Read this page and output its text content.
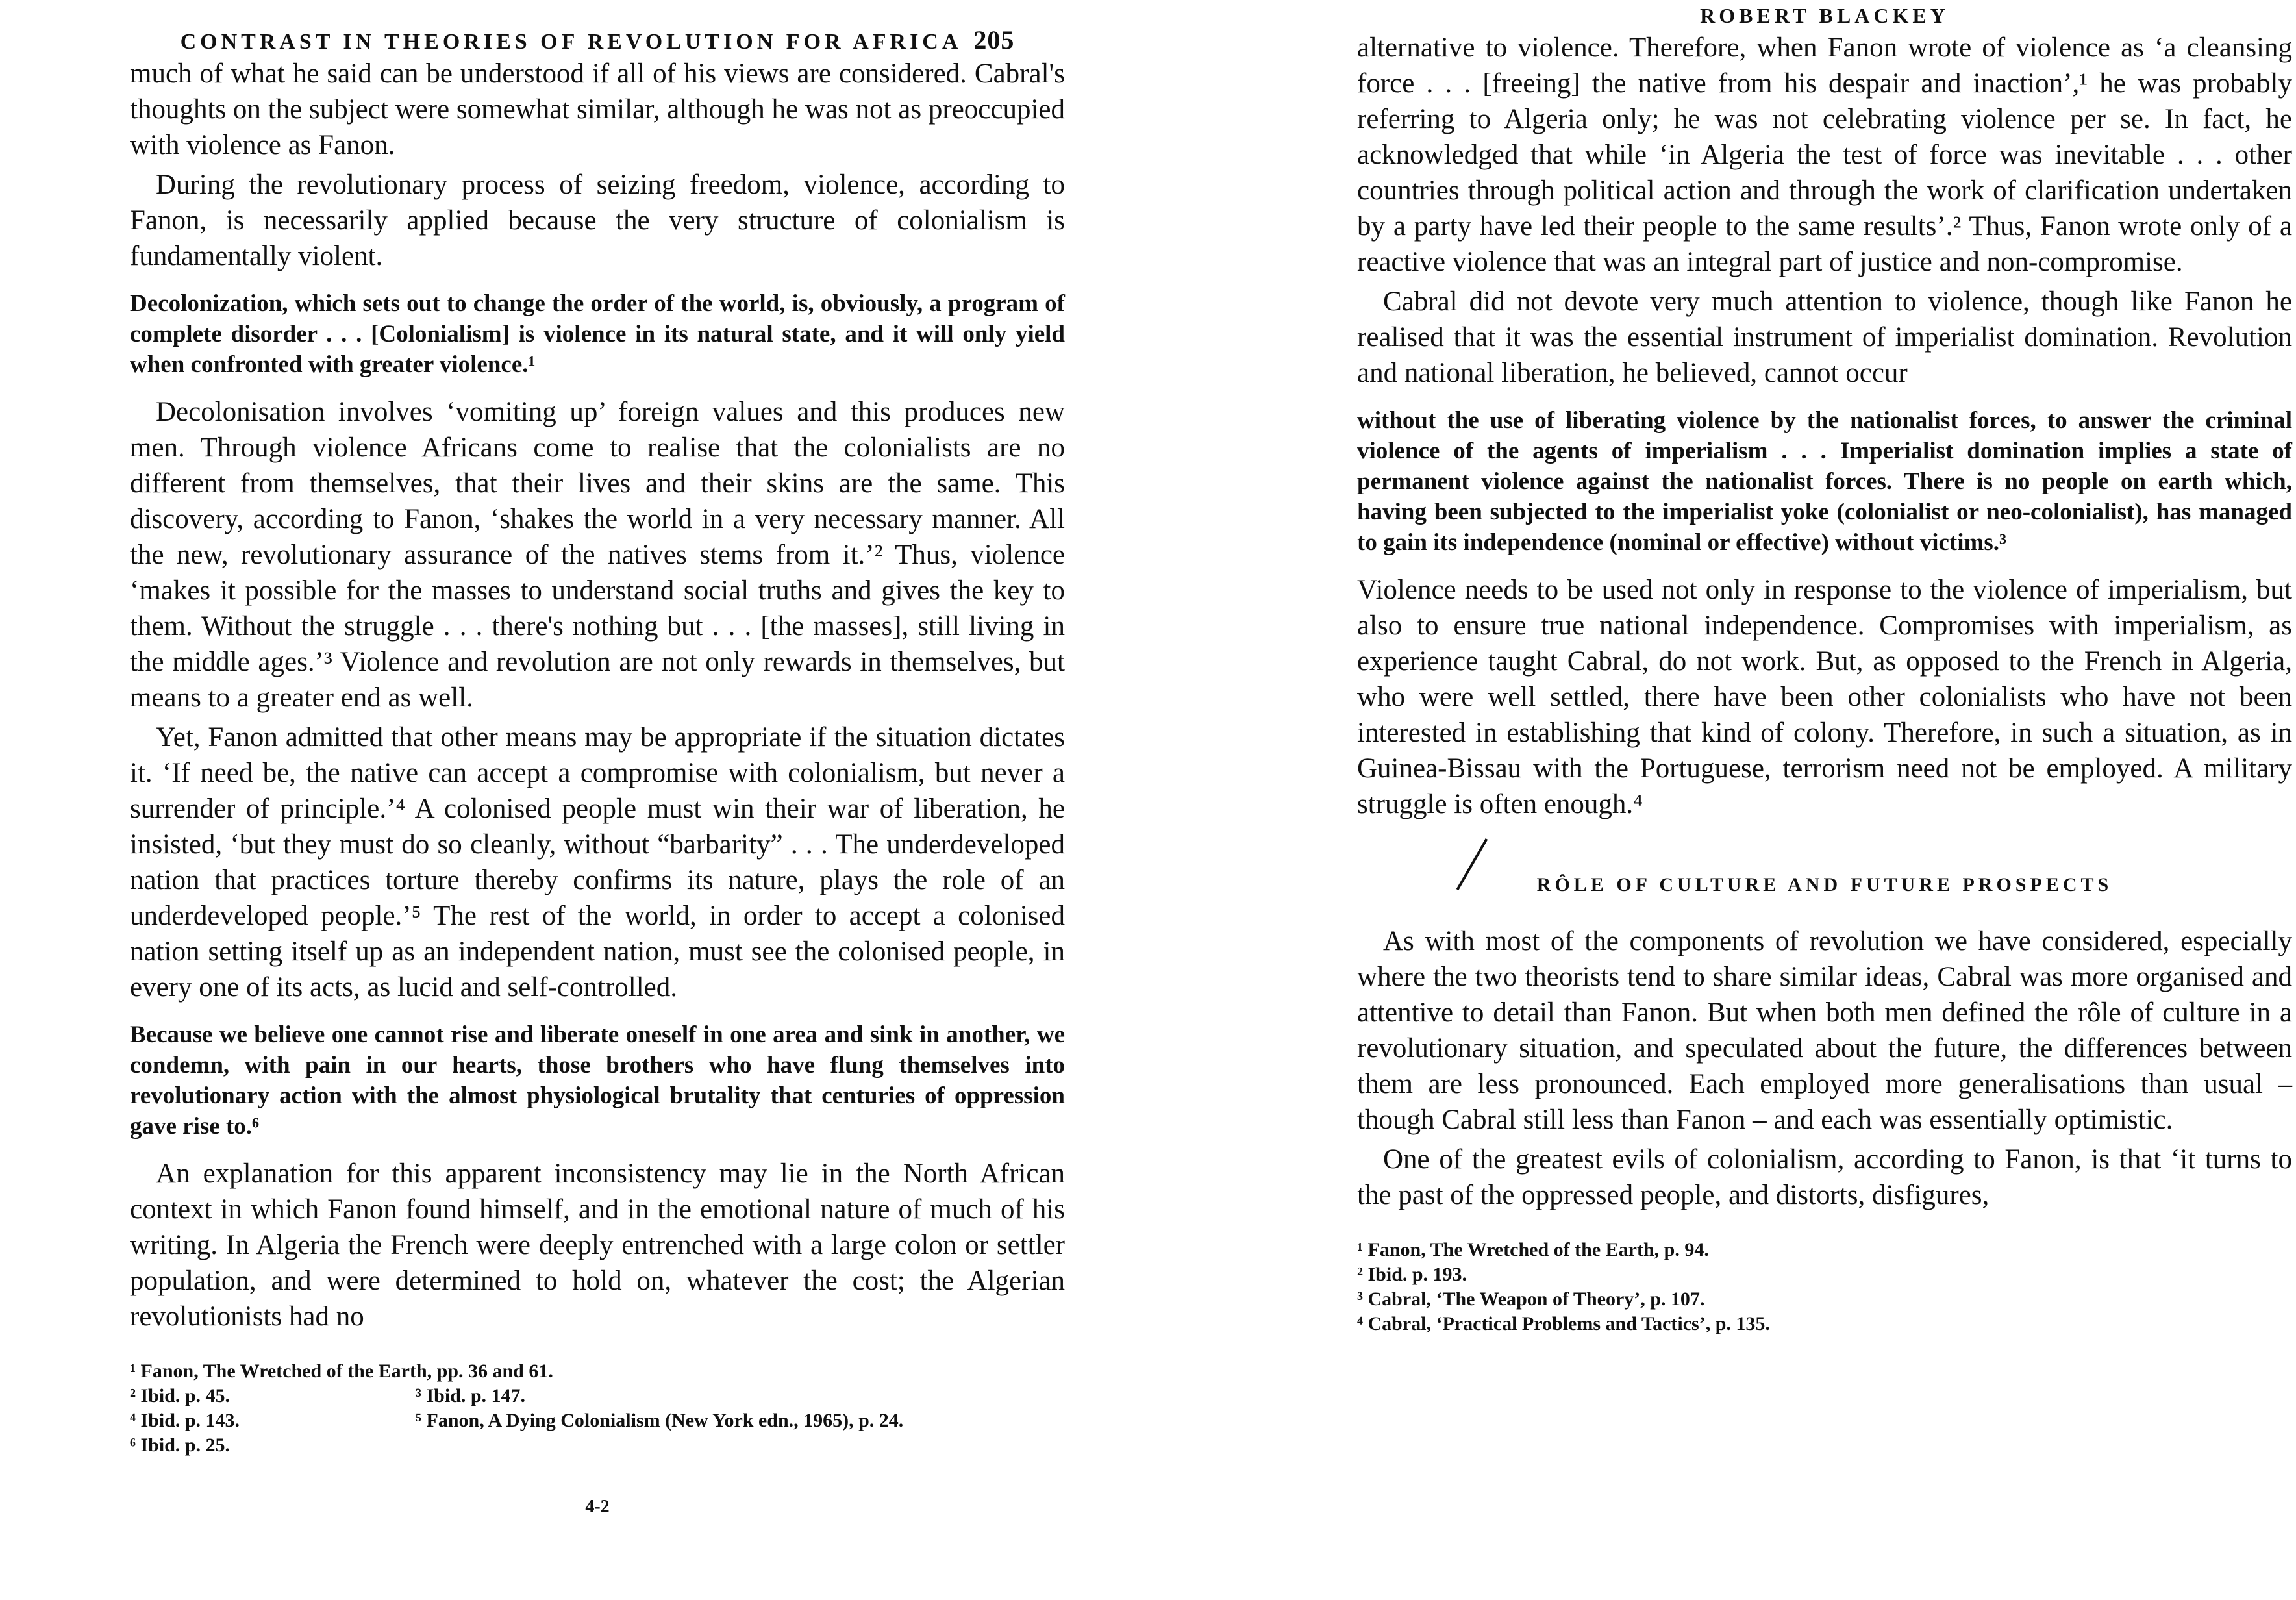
CONTRAST IN THEORIES OF REVOLUTION FOR AFRICA 205

much of what he said can be understood if all of his views are considered. Cabral's thoughts on the subject were somewhat similar, although he was not as preoccupied with violence as Fanon.

During the revolutionary process of seizing freedom, violence, according to Fanon, is necessarily applied because the very structure of colonialism is fundamentally violent.

Decolonization, which sets out to change the order of the world, is, obviously, a program of complete disorder . . . [Colonialism] is violence in its natural state, and it will only yield when confronted with greater violence.¹

Decolonisation involves ‘vomiting up’ foreign values and this produces new men. Through violence Africans come to realise that the colonialists are no different from themselves, that their lives and their skins are the same. This discovery, according to Fanon, ‘shakes the world in a very necessary manner. All the new, revolutionary assurance of the natives stems from it.’² Thus, violence ‘makes it possible for the masses to understand social truths and gives the key to them. Without the struggle . . . there's nothing but . . . [the masses], still living in the middle ages.’³ Violence and revolution are not only rewards in themselves, but means to a greater end as well.

Yet, Fanon admitted that other means may be appropriate if the situation dictates it. ‘If need be, the native can accept a compromise with colonialism, but never a surrender of principle.’⁴ A colonised people must win their war of liberation, he insisted, ‘but they must do so cleanly, without “barbarity” . . . The underdeveloped nation that practices torture thereby confirms its nature, plays the role of an underdeveloped people.’⁵ The rest of the world, in order to accept a colonised nation setting itself up as an independent nation, must see the colonised people, in every one of its acts, as lucid and self-controlled.

Because we believe one cannot rise and liberate oneself in one area and sink in another, we condemn, with pain in our hearts, those brothers who have flung themselves into revolutionary action with the almost physiological brutality that centuries of oppression gave rise to.⁶

An explanation for this apparent inconsistency may lie in the North African context in which Fanon found himself, and in the emotional nature of much of his writing. In Algeria the French were deeply entrenched with a large colon or settler population, and were determined to hold on, whatever the cost; the Algerian revolutionists had no

¹ Fanon, The Wretched of the Earth, pp. 36 and 61.
² Ibid. p. 45.	³ Ibid. p. 147.
⁴ Ibid. p. 143.	⁵ Fanon, A Dying Colonialism (New York edn., 1965), p. 24.
⁶ Ibid. p. 25.
4-2
ROBERT BLACKEY

alternative to violence. Therefore, when Fanon wrote of violence as ‘a cleansing force . . . [freeing] the native from his despair and inaction’,¹ he was probably referring to Algeria only; he was not celebrating violence per se. In fact, he acknowledged that while ‘in Algeria the test of force was inevitable . . . other countries through political action and through the work of clarification undertaken by a party have led their people to the same results’.² Thus, Fanon wrote only of a reactive violence that was an integral part of justice and non-compromise.

Cabral did not devote very much attention to violence, though like Fanon he realised that it was the essential instrument of imperialist domination. Revolution and national liberation, he believed, cannot occur

without the use of liberating violence by the nationalist forces, to answer the criminal violence of the agents of imperialism . . . Imperialist domination implies a state of permanent violence against the nationalist forces. There is no people on earth which, having been subjected to the imperialist yoke (colonialist or neo-colonialist), has managed to gain its independence (nominal or effective) without victims.³

Violence needs to be used not only in response to the violence of imperialism, but also to ensure true national independence. Compromises with imperialism, as experience taught Cabral, do not work. But, as opposed to the French in Algeria, who were well settled, there have been other colonialists who have not been interested in establishing that kind of colony. Therefore, in such a situation, as in Guinea-Bissau with the Portuguese, terrorism need not be employed. A military struggle is often enough.⁴

RÔLE OF CULTURE AND FUTURE PROSPECTS

As with most of the components of revolution we have considered, especially where the two theorists tend to share similar ideas, Cabral was more organised and attentive to detail than Fanon. But when both men defined the rôle of culture in a revolutionary situation, and speculated about the future, the differences between them are less pronounced. Each employed more generalisations than usual – though Cabral still less than Fanon – and each was essentially optimistic.

One of the greatest evils of colonialism, according to Fanon, is that ‘it turns to the past of the oppressed people, and distorts, disfigures,

¹ Fanon, The Wretched of the Earth, p. 94.
² Ibid. p. 193.
³ Cabral, ‘The Weapon of Theory’, p. 107.
⁴ Cabral, ‘Practical Problems and Tactics’, p. 135.
